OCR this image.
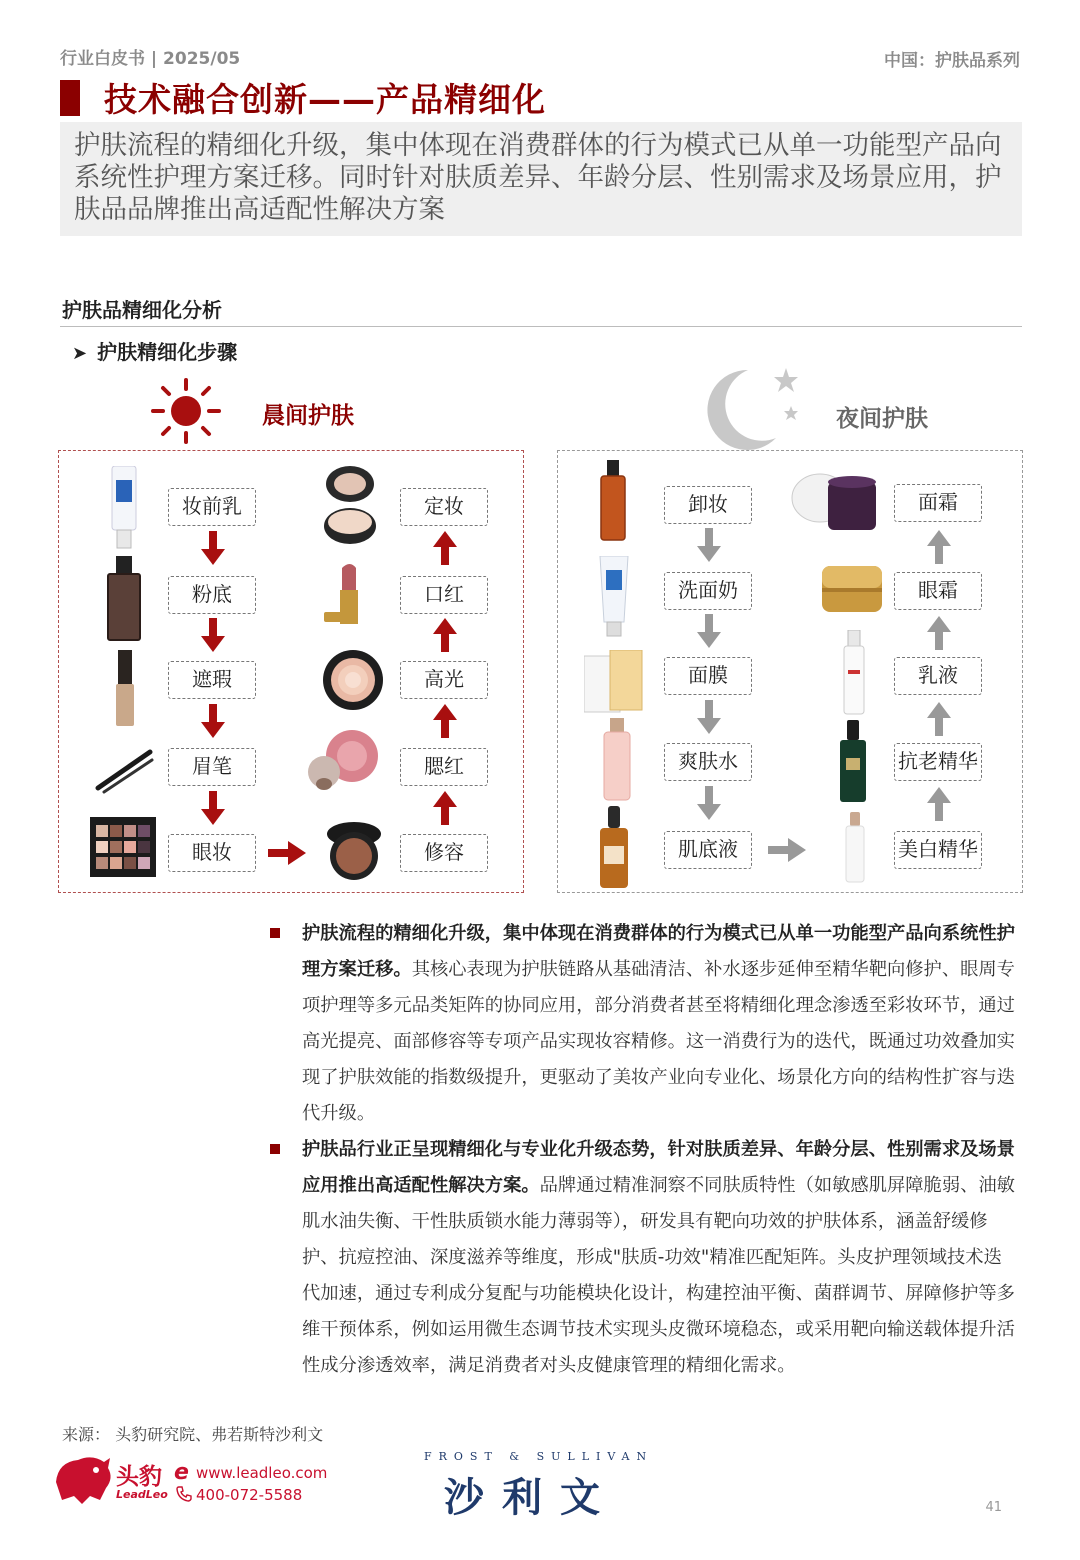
行业白皮书 | 2025/05	中国：护肤品系列
技术融合创新——产品精细化
护肤流程的精细化升级，集中体现在消费群体的行为模式已从单一功能型产品向系统性护理方案迁移。同时针对肤质差异、年龄分层、性别需求及场景应用，护肤品品牌推出高适配性解决方案
护肤品精细化分析
➤ 护肤精细化步骤
晨间护肤	夜间护肤
妆前乳
粉底
遮瑕
眉笔
眼妆	修容
腮红
高光
口红
定妆	卸妆
洗面奶
面膜
爽肤水
肌底液	美白精华
抗老精华
乳液
眼霜
面霜
护肤流程的精细化升级，集中体现在消费群体的行为模式已从单一功能型产品向系统性护理方案迁移。其核心表现为护肤链路从基础清洁、补水逐步延伸至精华靶向修护、眼周专项护理等多元品类矩阵的协同应用，部分消费者甚至将精细化理念渗透至彩妆环节，通过高光提亮、面部修容等专项产品实现妆容精修。这一消费行为的迭代，既通过功效叠加实现了护肤效能的指数级提升，更驱动了美妆产业向专业化、场景化方向的结构性扩容与迭代升级。
护肤品行业正呈现精细化与专业化升级态势，针对肤质差异、年龄分层、性别需求及场景应用推出高适配性解决方案。品牌通过精准洞察不同肤质特性（如敏感肌屏障脆弱、油敏肌水油失衡、干性肤质锁水能力薄弱等），研发具有靶向功效的护肤体系，涵盖舒缓修护、抗痘控油、深度滋养等维度，形成"肤质-功效"精准匹配矩阵。头皮护理领域技术迭代加速，通过专利成分复配与功能模块化设计，构建控油平衡、菌群调节、屏障修护等多维干预体系，例如运用微生态调节技术实现头皮微环境稳态，或采用靶向输送载体提升活性成分渗透效率，满足消费者对头皮健康管理的精细化需求。
来源： 头豹研究院、弗若斯特沙利文
头豹
LeadLeo
e www.leadleo.com
400-072-5588
FROST & SULLIVAN
沙利文	41
